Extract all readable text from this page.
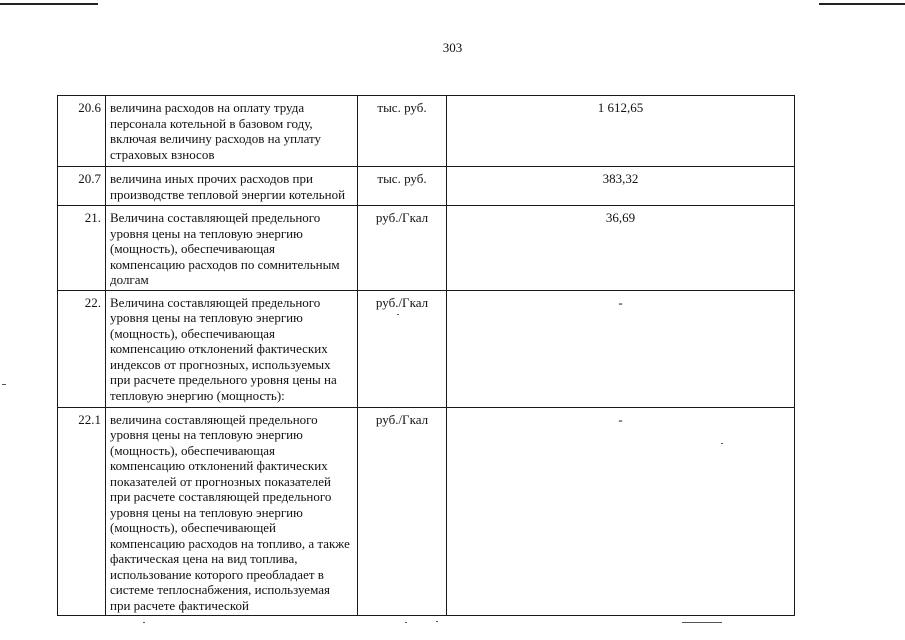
303
20.6	величина расходов на оплату труда персонала котельной в базовом году, включая величину расходов на уплату страховых взносов	тыс. руб.	1 612,65
20.7	величина иных прочих расходов при производстве тепловой энергии котельной	тыс. руб.	383,32
21.	Величина составляющей предельного уровня цены на тепловую энергию (мощность), обеспечивающая компенсацию расходов по сомнительным долгам	руб./Гкал	36,69
22.	Величина составляющей предельного уровня цены на тепловую энергию (мощность), обеспечивающая компенсацию отклонений фактических индексов от прогнозных, используемых при расчете предельного уровня цены на тепловую энергию (мощность):	руб./Гкал	-
22.1	величина составляющей предельного уровня цены на тепловую энергию (мощность), обеспечивающая компенсацию отклонений фактических показателей от прогнозных показателей при расчете составляющей предельного уровня цены на тепловую энергию (мощность), обеспечивающей компенсацию расходов на топливо, а также фактическая цена на вид топлива, использование которого преобладает в системе теплоснабжения, используемая при расчете фактической	руб./Гкал	-
